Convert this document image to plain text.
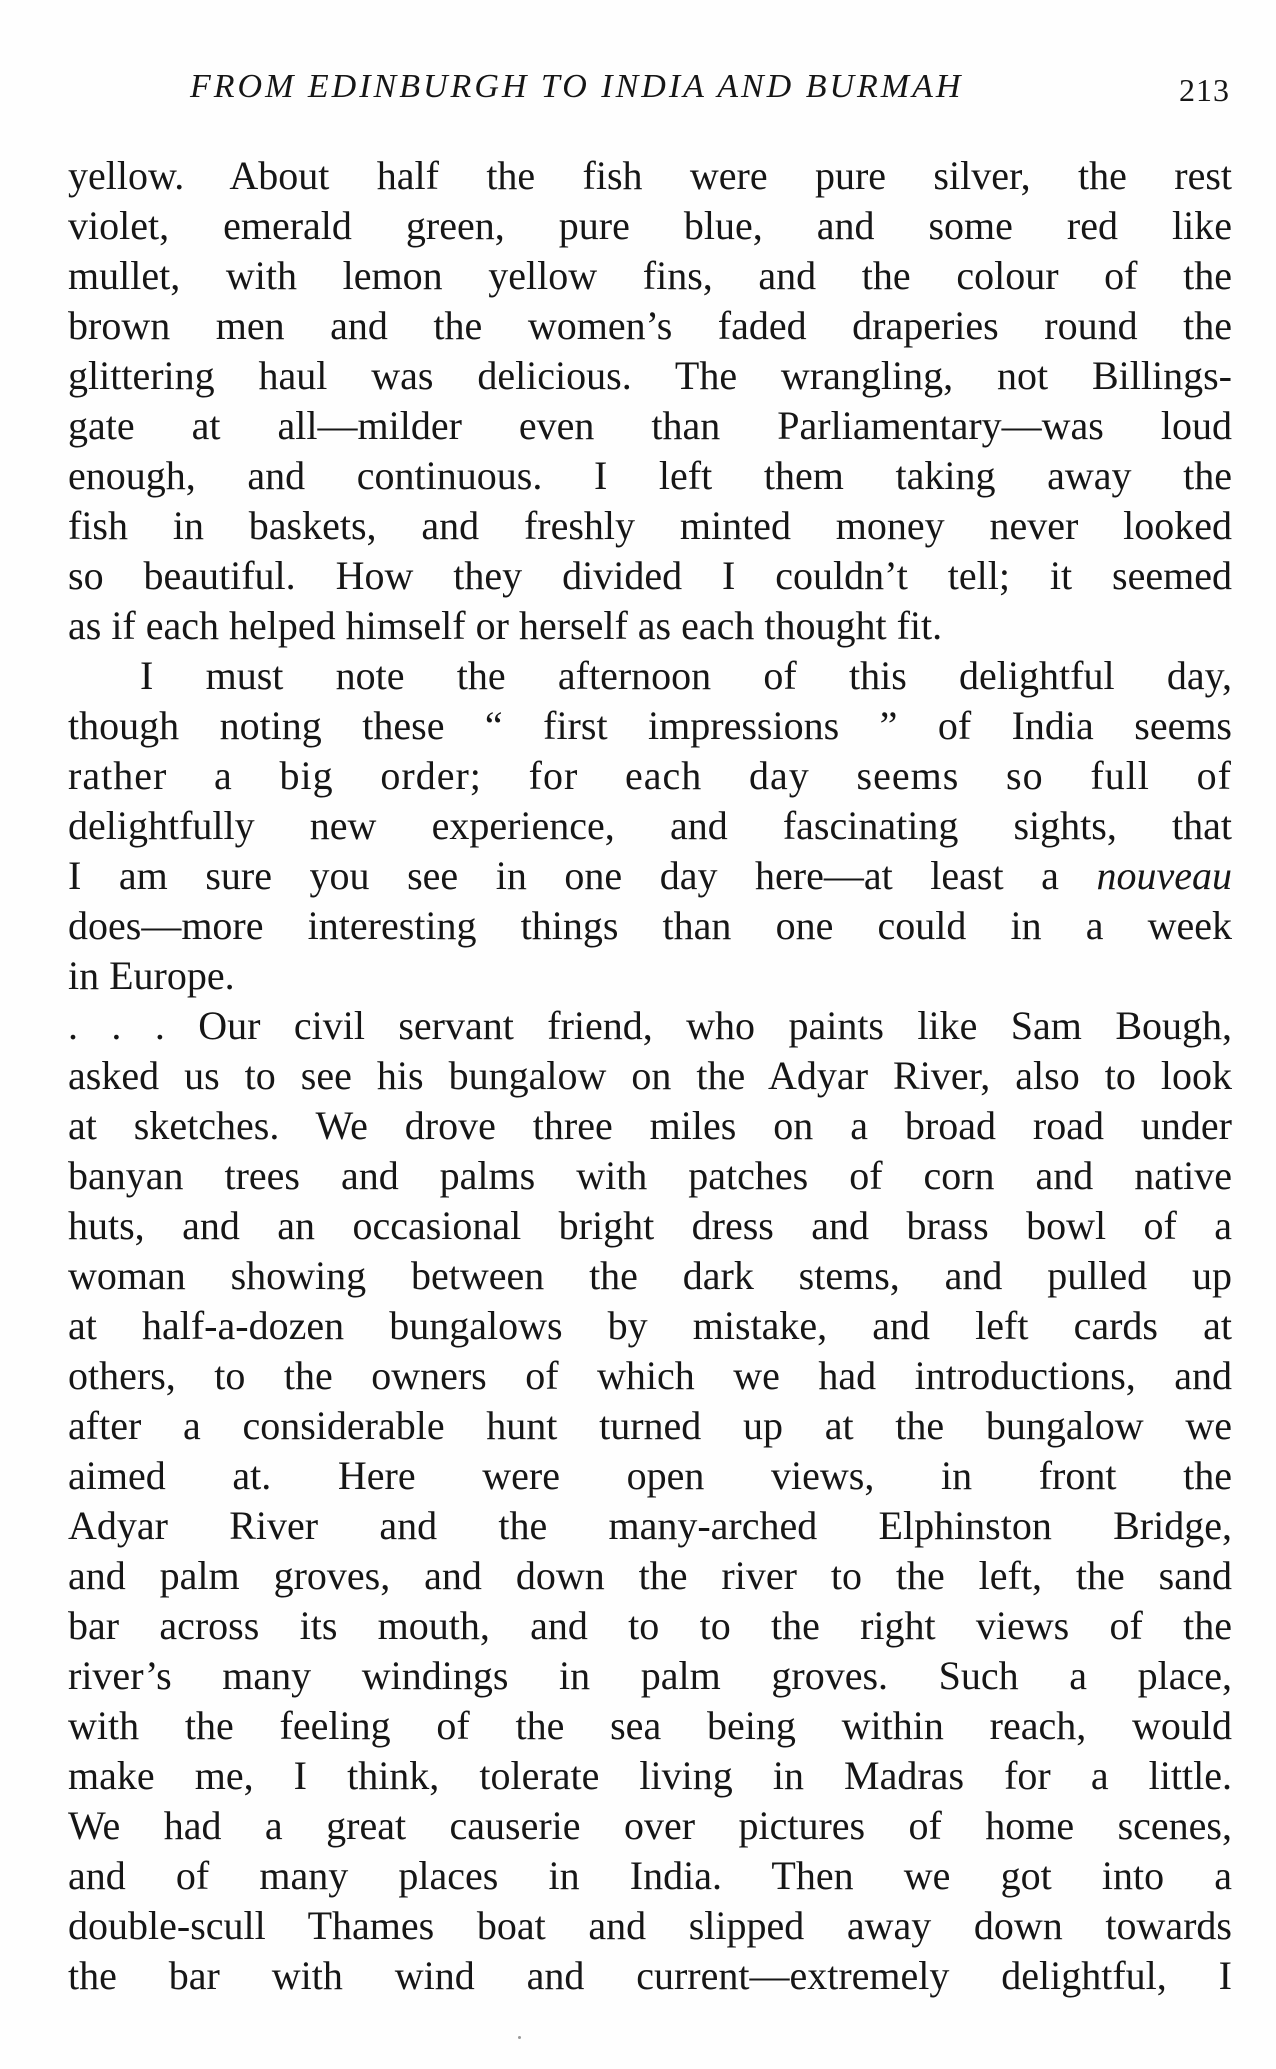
FROM EDINBURGH TO INDIA AND BURMAH	213
yellow. About half the fish were pure silver, the rest
violet, emerald green, pure blue, and some red like
mullet, with lemon yellow fins, and the colour of the
brown men and the women’s faded draperies round the
glittering haul was delicious. The wrangling, not Billings-
gate at all—milder even than Parliamentary—was loud
enough, and continuous. I left them taking away the
fish in baskets, and freshly minted money never looked
so beautiful. How they divided I couldn’t tell; it seemed
as if each helped himself or herself as each thought fit.
I must note the afternoon of this delightful day,
though noting these “ first impressions ” of India seems
rather a big order; for each day seems so full of
delightfully new experience, and fascinating sights, that
I am sure you see in one day here—at least a nouveau
does—more interesting things than one could in a week
in Europe.
. . . Our civil servant friend, who paints like Sam Bough,
asked us to see his bungalow on the Adyar River, also to look
at sketches. We drove three miles on a broad road under
banyan trees and palms with patches of corn and native
huts, and an occasional bright dress and brass bowl of a
woman showing between the dark stems, and pulled up
at half-a-dozen bungalows by mistake, and left cards at
others, to the owners of which we had introductions, and
after a considerable hunt turned up at the bungalow we
aimed at. Here were open views, in front the
Adyar River and the many-arched Elphinston Bridge,
and palm groves, and down the river to the left, the sand
bar across its mouth, and to to the right views of the
river’s many windings in palm groves. Such a place,
with the feeling of the sea being within reach, would
make me, I think, tolerate living in Madras for a little.
We had a great causerie over pictures of home scenes,
and of many places in India. Then we got into a
double-scull Thames boat and slipped away down towards
the bar with wind and current—extremely delightful, I
